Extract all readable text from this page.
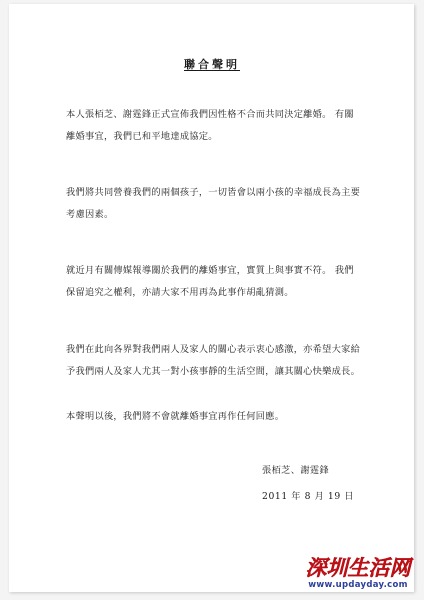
聯合聲明

本人張栢芝、謝霆鋒正式宣佈我們因性格不合而共同決定離婚。 有關
離婚事宜，我們已和平地達成協定。

我們將共同營養我們的兩個孩子，一切皆會以兩小孩的幸福成長為主要
考慮因素。

就近月有關傳媒報導關於我們的離婚事宜，實質上與事實不符。 我們
保留追究之權利，亦請大家不用再為此事作胡亂猜測。

我們在此向各界對我們兩人及家人的關心表示衷心感激，亦希望大家給
予我們兩人及家人尤其一對小孩事靜的生活空間，讓其關心快樂成長。

本聲明以後，我們將不會就離婚事宜再作任何回應。

張栢芝、謝霆鋒
2011 年 8 月 19 日
深圳生活网
www.updayday.com
